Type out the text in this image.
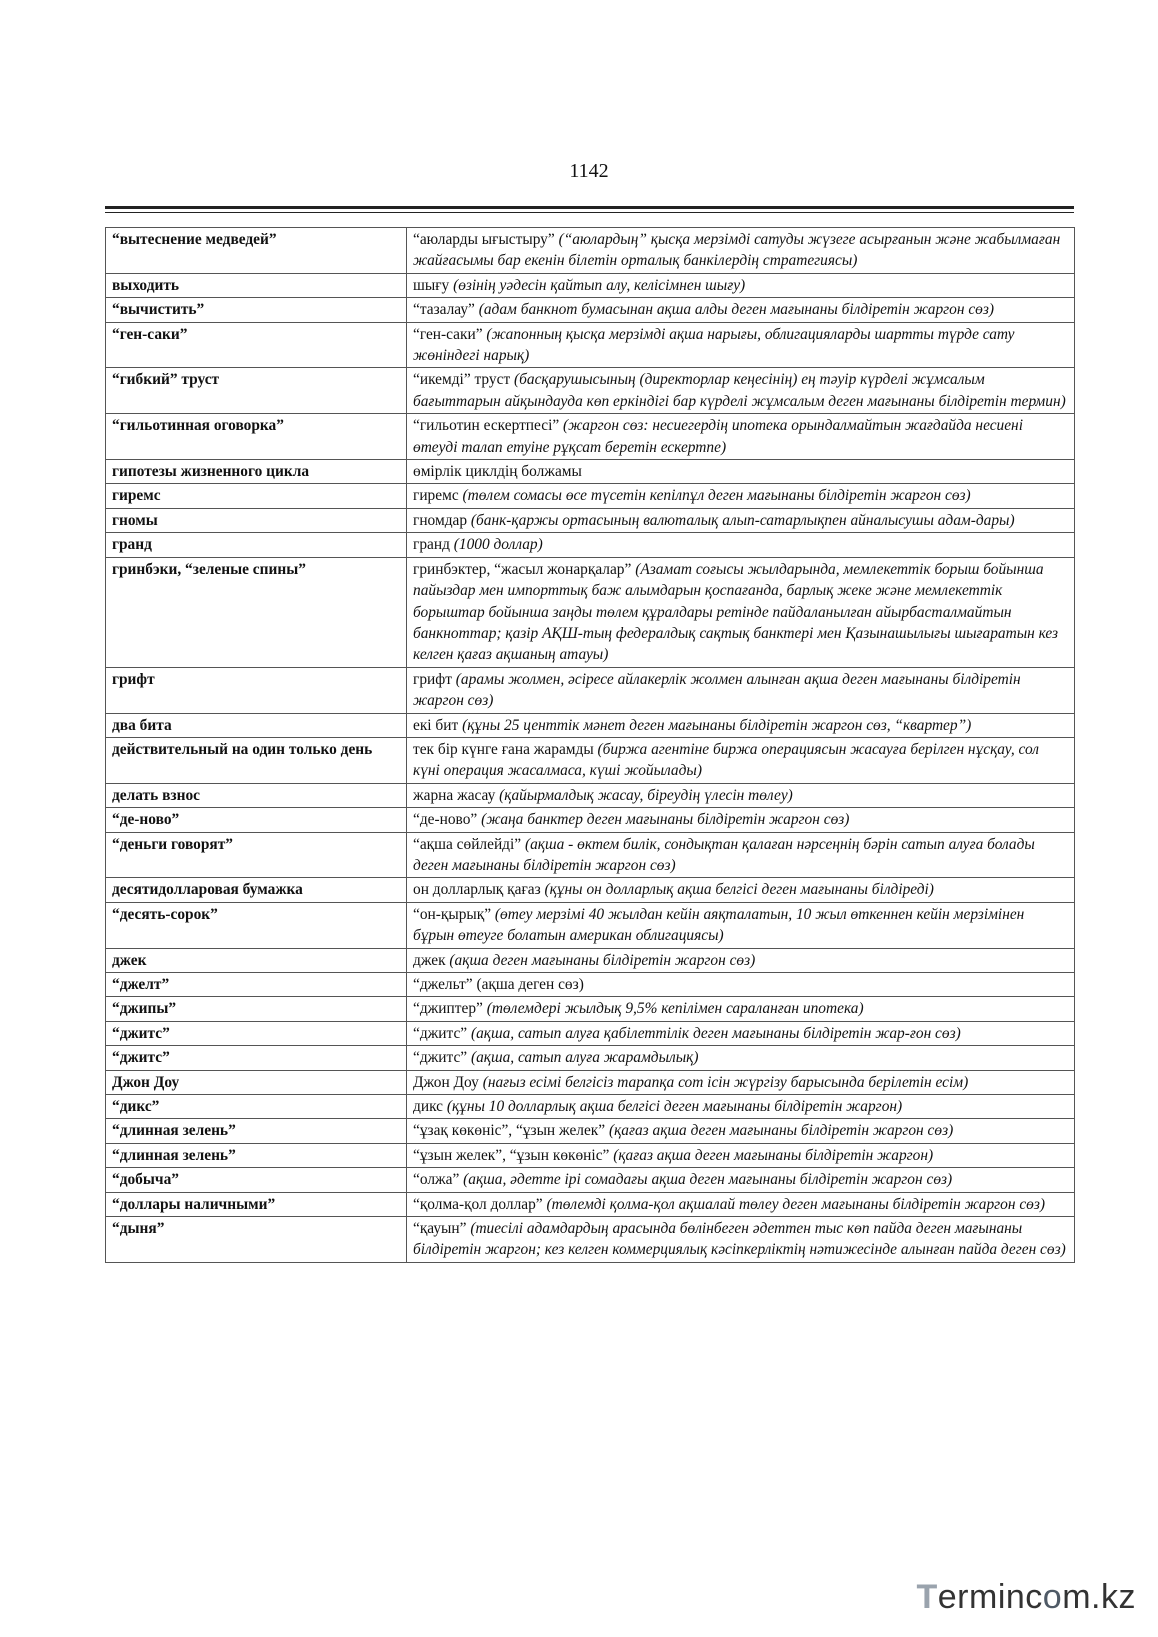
1142
“вытеснение медведей”	“аюларды ығыстыру” (“аюлардың” қысқа мерзімді сатуды жүзеге асырғанын және жабылмаған жайғасымы бар екенін білетін орталық банкілердің стратегиясы)
выходить	шығу (өзінің уәдесін қайтып алу, келісімнен шығу)
“вычистить”	“тазалау” (адам банкнот бумасынан ақша алды деген мағынаны білдіретін жаргон сөз)
“ген-саки”	“ген-саки” (жапонның қысқа мерзімді ақша нарығы, облигацияларды шартты түрде сату жөніндегі нарық)
“гибкий” труст	“икемді” труст (басқарушысының (директорлар кеңесінің) ең тәуір күрделі жұмсалым бағыттарын айқындауда көп еркіндігі бар күрделі жұмсалым деген мағынаны білдіретін термин)
“гильотинная оговорка”	“гильотин ескертпесі” (жаргон сөз: несиегердің ипотека орындалмайтын жағдайда несиені өтеуді талап етуіне рұқсат беретін ескертпе)
гипотезы жизненного цикла	өмірлік циклдің болжамы
гиремс	гиремс (төлем сомасы өсе түсетін кепілпұл деген мағынаны білдіретін жаргон сөз)
гномы	гномдар (банк-қаржы ортасының валюталық алып-сатарлықпен айналысушы адам-дары)
гранд	гранд (1000 доллар)
гринбэки, “зеленые спины”	гринбэктер, “жасыл жонарқалар” (Азамат соғысы жылдарында, мемлекеттік борыш бойынша пайыздар мен импорттық баж алымдарын қоспағанда, барлық жеке және мемлекеттік борыштар бойынша заңды төлем құралдары ретінде пайдаланылған айырбасталмайтын банкноттар; қазір АҚШ-тың федералдық сақтық банктері мен Қазынашылығы шығаратын кез келген қағаз ақшаның атауы)
грифт	грифт (арамы жолмен, әсіресе айлакерлік жолмен алынған ақша деген мағынаны білдіретін жаргон сөз)
два бита	екі бит (құны 25 центтік мәнет деген мағынаны білдіретін жаргон сөз, “квартер”)
действительный на один только день	тек бір күнге ғана жарамды (биржа агентіне биржа операциясын жасауға берілген нұсқау, сол күні операция жасалмаса, күші жойылады)
делать взнос	жарна жасау (қайырмалдық жасау, біреудің үлесін төлеу)
“де-ново”	“де-ново” (жаңа банктер деген мағынаны білдіретін жаргон сөз)
“деньги говорят”	“ақша сөйлейді” (ақша - өктем билік, сондықтан қалаған нәрсеңнің бәрін сатып алуға болады деген мағынаны білдіретін жаргон сөз)
десятидолларовая бумажка	он долларлық қағаз (құны он долларлық ақша белгісі деген мағынаны білдіреді)
“десять-сорок”	“он-қырық” (өтеу мерзімі 40 жылдан кейін аяқталатын, 10 жыл өткеннен кейін мерзімінен бұрын өтеуге болатын америкaн облигациясы)
джек	джек (ақша деген мағынаны білдіретін жаргон сөз)
“джелт”	“джельт” (ақша деген сөз)
“джипы”	“джиптер” (төлемдері жылдық 9,5% кепілімен сараланған ипотека)
“джитс”	“джитс” (ақша, сатып алуға қабілеттілік деген мағынаны білдіретін жар-ғон сөз)
“джитс”	“джитс” (ақша, сатып алуға жарамдылық)
Джон Доу	Джон Доу (нағыз есімі белгісіз тарапқа сот ісін жүргізу барысында берілетін есім)
“дикс”	дикс (құны 10 долларлық ақша белгісі деген мағынаны білдіретін жаргон)
“длинная зелень”	“ұзақ көкөніс”, “ұзын желек” (қағаз ақша деген мағынаны білдіретін жаргон сөз)
“длинная зелень”	“ұзын желек”, “ұзын көкөніс” (қағаз ақша деген мағынаны білдіретін жаргон)
“добыча”	“олжа” (ақша, әдетте ірі сомадағы ақша деген мағынаны білдіретін жаргон сөз)
“доллары наличными”	“қолма-қол доллар” (төлемді қолма-қол ақшалай төлеу деген мағынаны білдіретін жаргон сөз)
“дыня”	“қауын” (тиесілі адамдардың арасында бөлінбеген әдеттен тыс көп пайда деген мағынаны білдіретін жаргон; кез келген коммерциялық кәсіпкерліктің нәтижесінде алынған пайда деген сөз)
Termincom.kz
